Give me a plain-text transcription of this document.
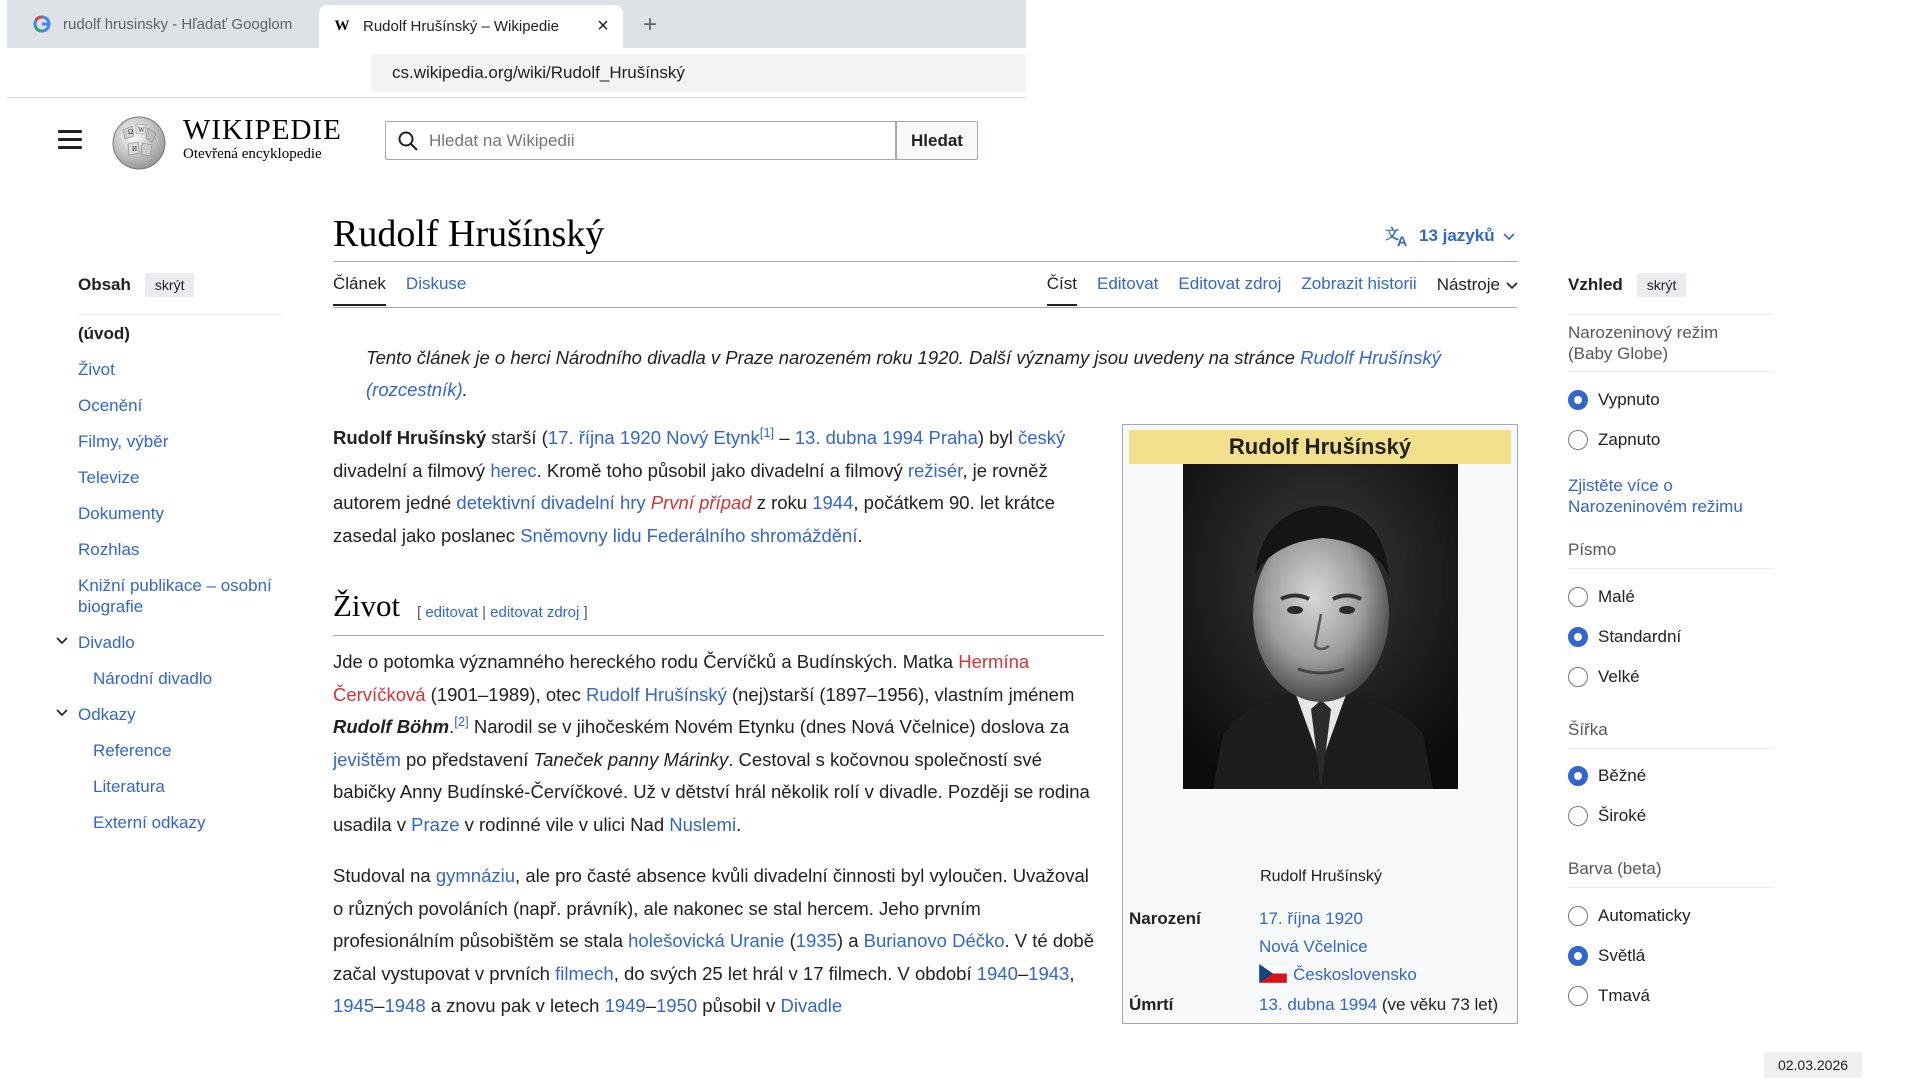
rudolf hrusinsky - Hľadať Googlom	W Rudolf Hrušínský – Wikipedie	×	+
cs.wikipedia.org/wiki/Rudolf_Hrušínský
Ω W
И
WIKIPEDIE
Otevřená encyklopedie
Hledat na Wikipedii
Hledat
Obsah	skrýt
(úvod)
Život
Ocenění
Filmy, výběr
Televize
Dokumenty
Rozhlas
Knižní publikace – osobní biografie
Divadlo
Národní divadlo
Odkazy
Reference
Literatura
Externí odkazy
Rudolf Hrušínský	文
A 13 jazyků
Článek Diskuse	Číst Editovat Editovat zdroj Zobrazit historii Nástroje
Tento článek je o herci Národního divadla v Praze narozeném roku 1920. Další významy jsou uvedeny na stránce Rudolf Hrušínský (rozcestník).
Rudolf Hrušínský starší (17. října 1920 Nový Etynk[1] – 13. dubna 1994 Praha) byl český divadelní a filmový herec. Kromě toho působil jako divadelní a filmový režisér, je rovněž autorem jedné detektivní divadelní hry První případ z roku 1944, počátkem 90. let krátce zasedal jako poslanec Sněmovny lidu Federálního shromáždění.
Život [ editovat | editovat zdroj ]
Jde o potomka významného hereckého rodu Červíčků a Budínských. Matka Hermína Červíčková (1901–1989), otec Rudolf Hrušínský (nej)starší (1897–1956), vlastním jménem Rudolf Böhm.[2] Narodil se v jihočeském Novém Etynku (dnes Nová Včelnice) doslova za jevištěm po představení Taneček panny Márinky. Cestoval s kočovnou společností své babičky Anny Budínské-Červíčkové. Už v dětství hrál několik rolí v divadle. Později se rodina usadila v Praze v rodinné vile v ulici Nad Nuslemi.
Studoval na gymnáziu, ale pro časté absence kvůli divadelní činnosti byl vyloučen. Uvažoval o různých povoláních (např. právník), ale nakonec se stal hercem. Jeho prvním profesionálním působištěm se stala holešovická Uranie (1935) a Burianovo Déčko. V té době začal vystupovat v prvních filmech, do svých 25 let hrál v 17 filmech. V období 1940–1943, 1945–1948 a znovu pak v letech 1949–1950 působil v Divadle
Rudolf Hrušínský
Rudolf Hrušínský
Narození	17. října 1920
Nová Včelnice
Československo
Úmrtí	13. dubna 1994 (ve věku 73 let)
Vzhled	skrýt
Narozeninový režim (Baby Globe)
Vypnuto
Zapnuto
Zjistěte více o Narozeninovém režimu
Písmo
Malé
Standardní
Velké
Šířka
Běžné
Široké
Barva (beta)
Automaticky
Světlá
Tmavá
02.03.2026
